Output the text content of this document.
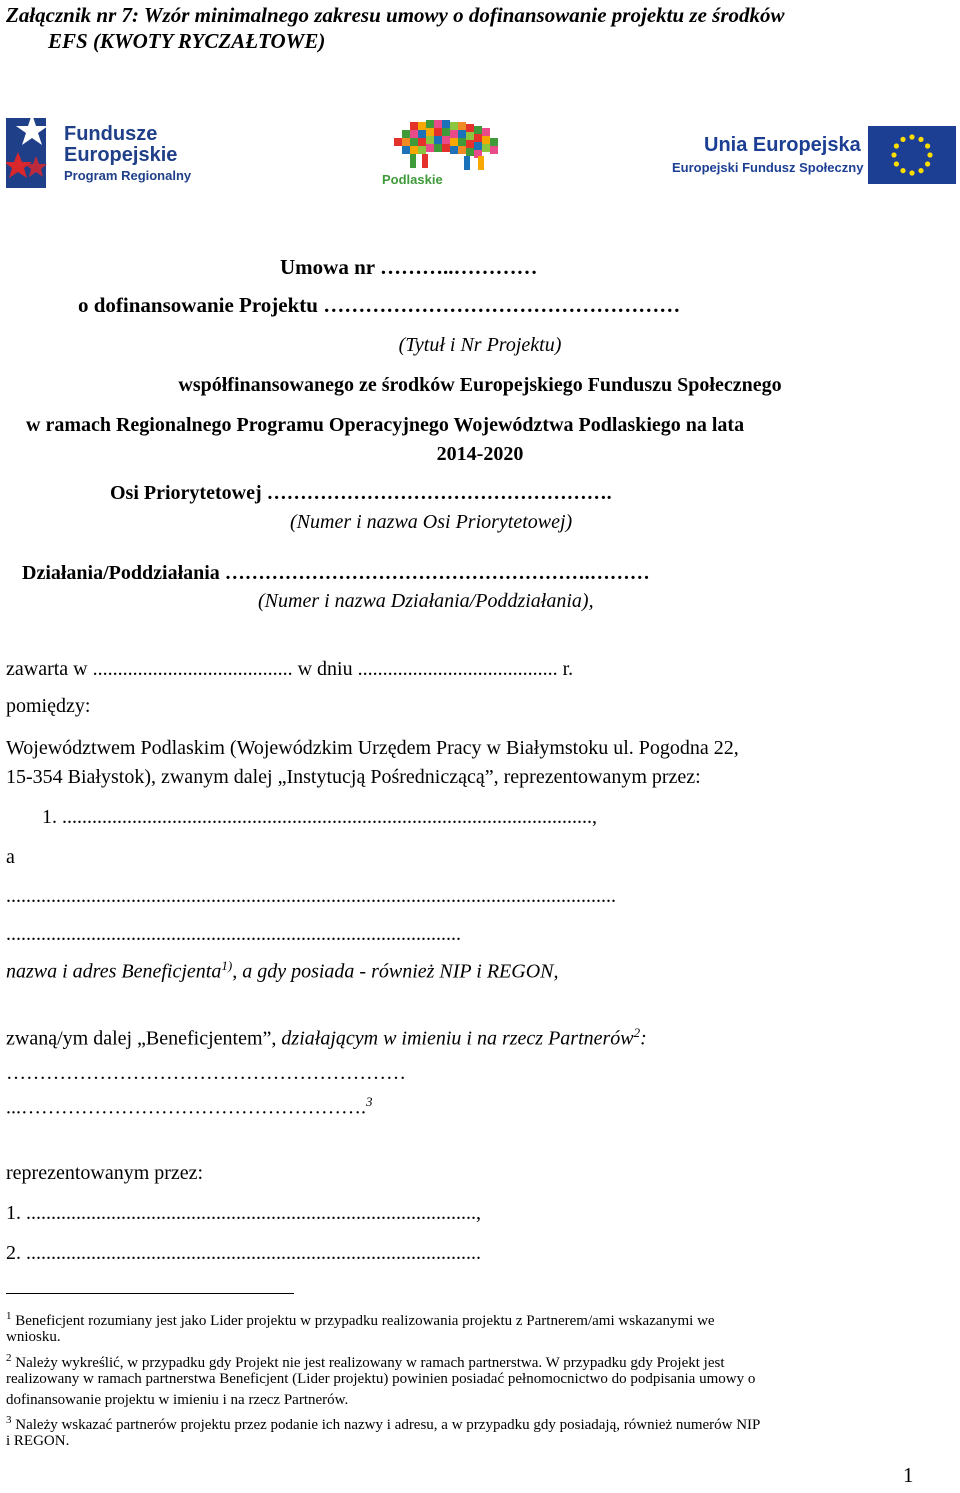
Załącznik nr 7: Wzór minimalnego zakresu umowy o dofinansowanie projektu ze środków
EFS (KWOTY RYCZAŁTOWE)
Fundusze
Europejskie
Program Regionalny	Podlaskie
Unia Europejska
Europejski Fundusz Społeczny
Umowa nr ………..…………
o dofinansowanie Projektu ……………………………………………
(Tytuł i Nr Projektu)
współfinansowanego ze środków Europejskiego Funduszu Społecznego
w ramach Regionalnego Programu Operacyjnego Województwa Podlaskiego na lata
2014-2020
Osi Priorytetowej …………………………………………….
(Numer i nazwa Osi Priorytetowej)
Działania/Poddziałania ……………………………………………….………
(Numer i nazwa Działania/Poddziałania),
zawarta w ........................................ w dniu ........................................ r.
pomiędzy:
Województwem Podlaskim (Wojewódzkim Urzędem Pracy w Białymstoku ul. Pogodna 22,
15-354 Białystok), zwanym dalej „Instytucją Pośredniczącą”, reprezentowanym przez:
1. ..........................................................................................................,
a
..........................................................................................................................
...........................................................................................
nazwa i adres Beneficjenta$^{1)}$, a gdy posiada - również NIP i REGON,
zwaną/ym dalej „Beneficjentem”, działającym w imieniu i na rzecz Partnerów$^2$:
……………………………………………………
...…………………………………………….$^3$
reprezentowanym przez:
1. ..........................................................................................,
2. ...........................................................................................
$^1$ Beneficjent rozumiany jest jako Lider projektu w przypadku realizowania projektu z Partnerem/ami wskazanymi we
wniosku.
$^2$ Należy wykreślić, w przypadku gdy Projekt nie jest realizowany w ramach partnerstwa. W przypadku gdy Projekt jest
realizowany w ramach partnerstwa Beneficjent (Lider projektu) powinien posiadać pełnomocnictwo do podpisania umowy o
dofinansowanie projektu w imieniu i na rzecz Partnerów.
$^3$ Należy wskazać partnerów projektu przez podanie ich nazwy i adresu, a w przypadku gdy posiadają, również numerów NIP
i REGON.
1
